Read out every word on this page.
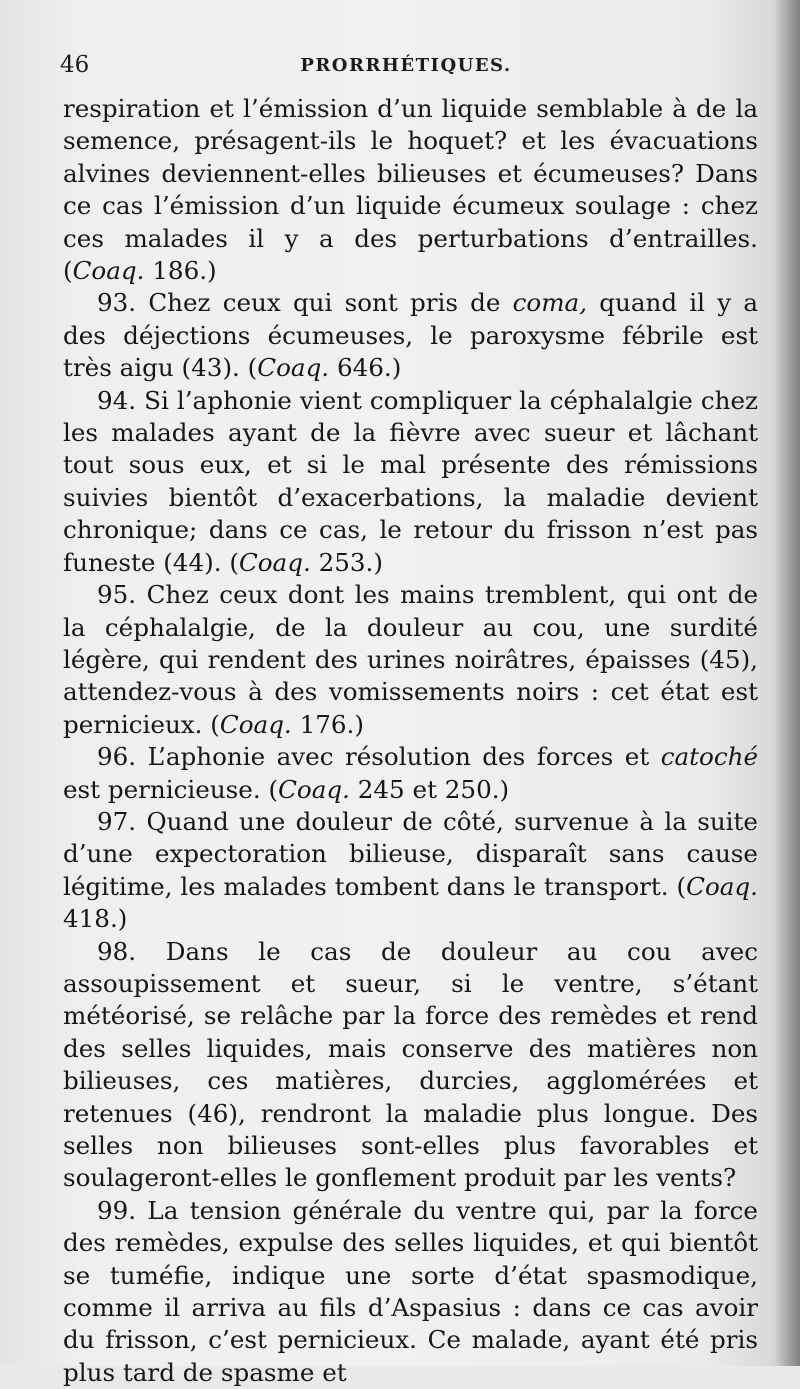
46	PRORRHÉTIQUES.

respiration et l’émission d’un liquide semblable à de la semence, présagent-ils le hoquet? et les évacuations alvines deviennent-elles bilieuses et écumeuses? Dans ce cas l’émission d’un liquide écumeux soulage : chez ces malades il y a des perturbations d’entrailles. (Coaq. 186.)

93. Chez ceux qui sont pris de coma, quand il y a des déjections écumeuses, le paroxysme fébrile est très aigu (43). (Coaq. 646.)

94. Si l’aphonie vient compliquer la céphalalgie chez les malades ayant de la fièvre avec sueur et lâchant tout sous eux, et si le mal présente des rémissions suivies bientôt d’exacerbations, la maladie devient chronique; dans ce cas, le retour du frisson n’est pas funeste (44). (Coaq. 253.)

95. Chez ceux dont les mains tremblent, qui ont de la céphalalgie, de la douleur au cou, une surdité légère, qui rendent des urines noirâtres, épaisses (45), attendez-vous à des vomissements noirs : cet état est pernicieux. (Coaq. 176.)

96. L’aphonie avec résolution des forces et catoché est pernicieuse. (Coaq. 245 et 250.)

97. Quand une douleur de côté, survenue à la suite d’une expectoration bilieuse, disparaît sans cause légitime, les malades tombent dans le transport. (Coaq. 418.)

98. Dans le cas de douleur au cou avec assoupissement et sueur, si le ventre, s’étant météorisé, se relâche par la force des remèdes et rend des selles liquides, mais conserve des matières non bilieuses, ces matières, durcies, agglomérées et retenues (46), rendront la maladie plus longue. Des selles non bilieuses sont-elles plus favorables et soulageront-elles le gonflement produit par les vents?

99. La tension générale du ventre qui, par la force des remèdes, expulse des selles liquides, et qui bientôt se tuméfie, indique une sorte d’état spasmodique, comme il arriva au fils d’Aspasius : dans ce cas avoir du frisson, c’est pernicieux. Ce malade, ayant été pris plus tard de spasme et
